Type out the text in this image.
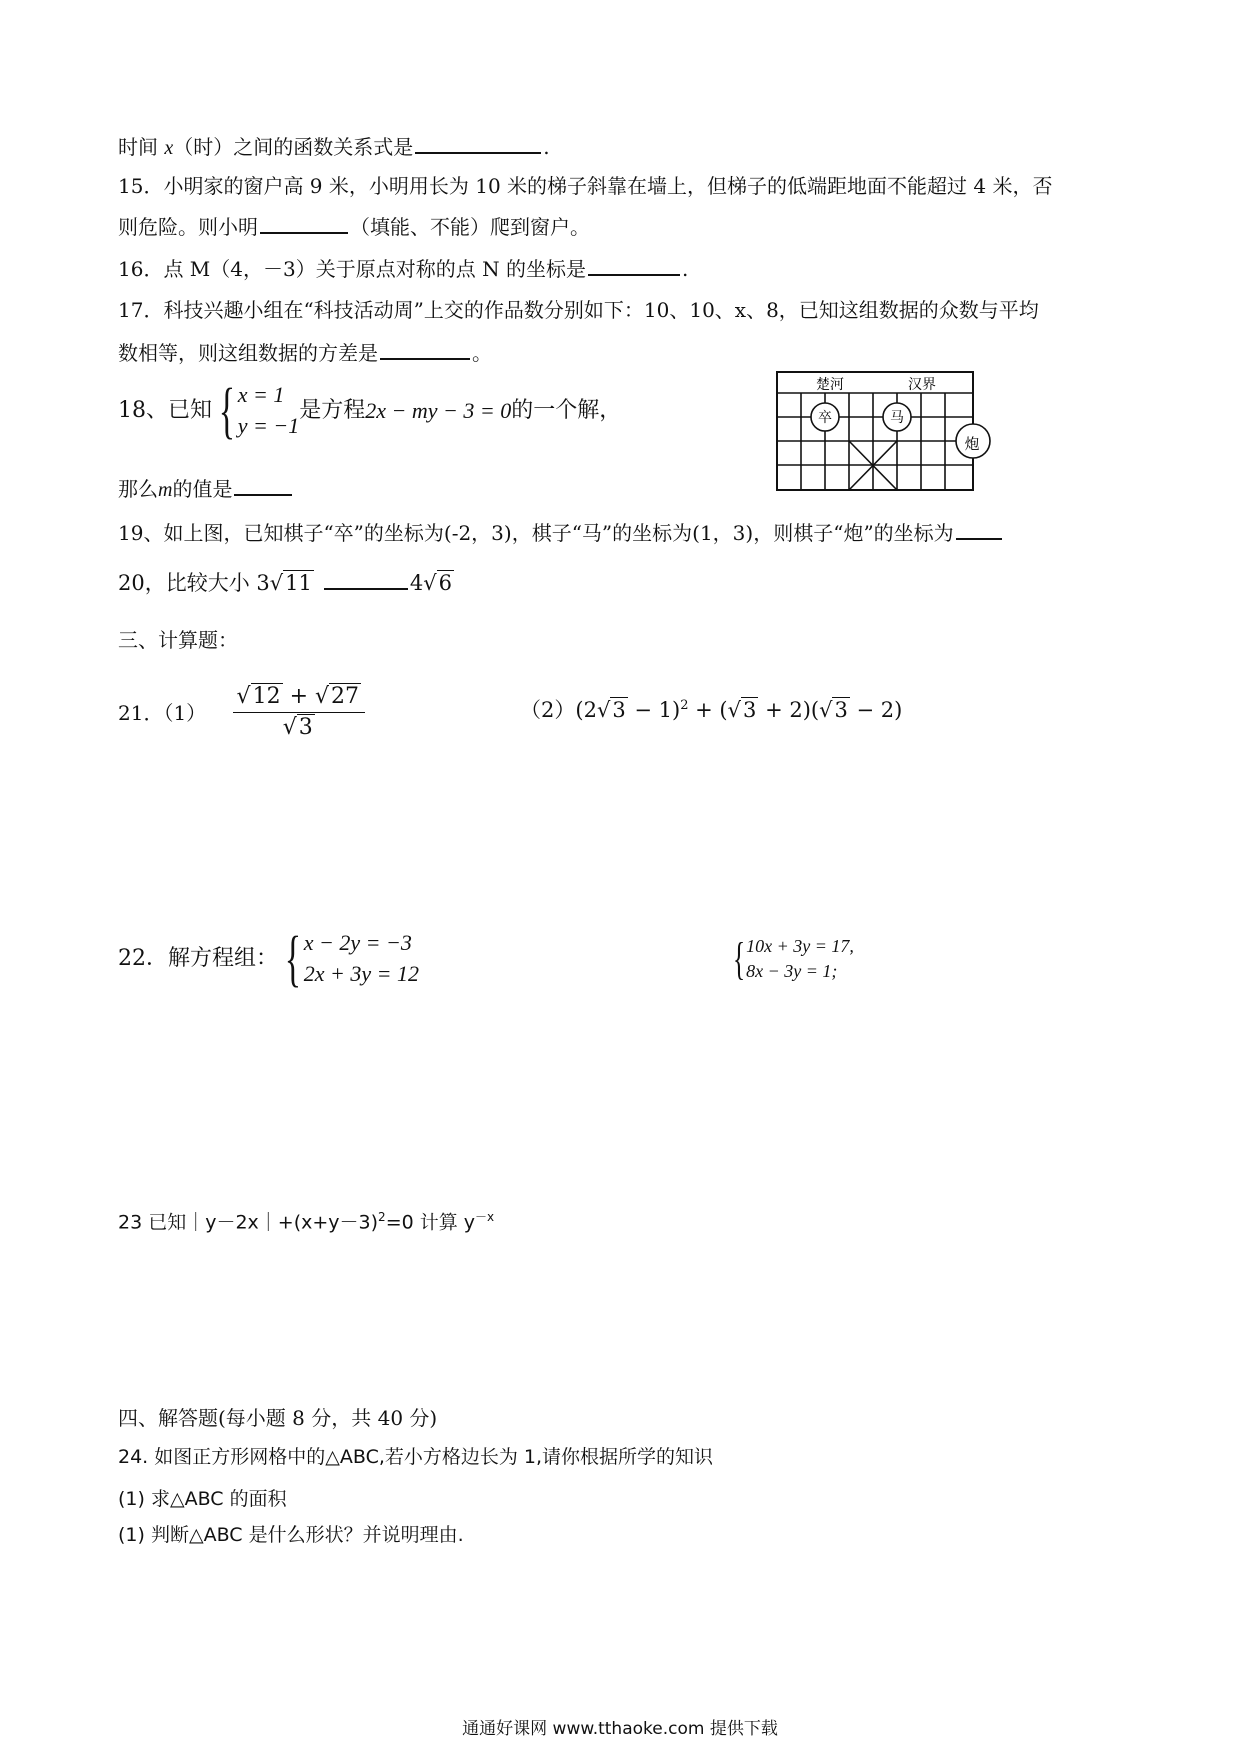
时间 x（时）之间的函数关系式是	.
15．小明家的窗户高 9 米，小明用长为 10 米的梯子斜靠在墙上，但梯子的低端距地面不能超过 4 米，否
则危险。则小明	（填能、不能）爬到窗户。
16．点 M（4，－3）关于原点对称的点 N 的坐标是	.
17．科技兴趣小组在“科技活动周”上交的作品数分别如下：10、10、x、8，已知这组数据的众数与平均
数相等，则这组数据的方差是	。
18、已知 { x = 1
y = −1
是方程2x − my − 3 = 0的一个解，
那么m的值是
楚河	汉界
卒	马
炮
19、如上图，已知棋子“卒”的坐标为(-2，3)，棋子“马”的坐标为(1，3)，则棋子“炮”的坐标为
20，比较大小 3√11	4√6
三、计算题：
21．$(1) \frac{√12 + √27}{√3}$	$(2)(2√3 - 1)^2 + (√3 + 2)(√3 - 2)$
22．解方程组： { x − 2y = −3
2x + 3y = 12	{ 10x + 3y = 17,
8x − 3y = 1;
23 已知$|y-2x|+(x+y-3)^2=0$ 计算 $y^{-x}$
四、解答题(每小题 8 分，共 40 分)
24. 如图正方形网格中的△ABC,若小方格边长为 1,请你根据所学的知识
(1) 求△ABC 的面积
(1) 判断△ABC 是什么形状？并说明理由.
通通好课网 www.tthaoke.com 提供下载
